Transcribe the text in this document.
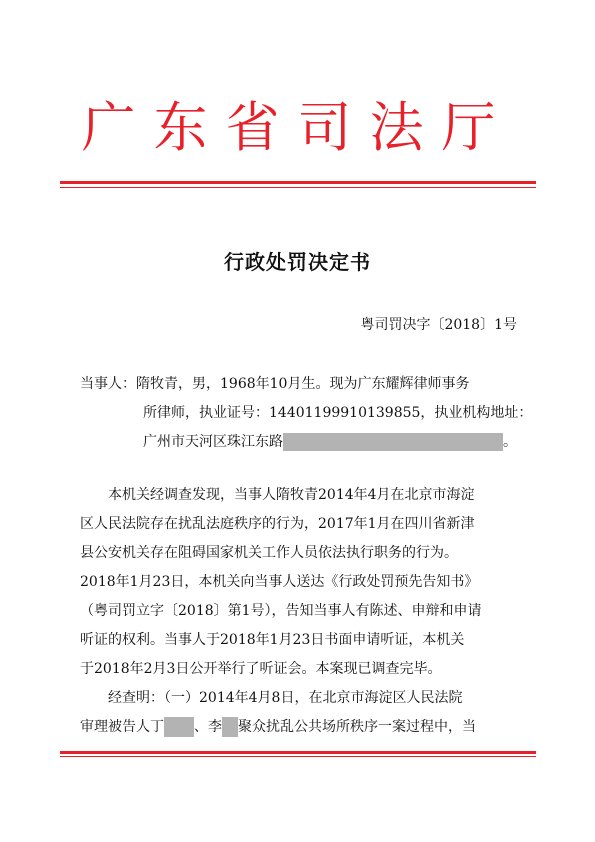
广东省司法厅
行政处罚决定书
粤司罚决字〔2018〕1号
当事人：隋牧青，男，1968年10月生。现为广东耀辉律师事务
所律师，执业证号：14401199910139855，执业机构地址：
广州市天河区珠江东路	。
本机关经调查发现，当事人隋牧青2014年4月在北京市海淀
区人民法院存在扰乱法庭秩序的行为，2017年1月在四川省新津
县公安机关存在阻碍国家机关工作人员依法执行职务的行为。
2018年1月23日，本机关向当事人送达《行政处罚预先告知书》
（粤司罚立字〔2018〕第1号），告知当事人有陈述、申辩和申请
听证的权利。当事人于2018年1月23日书面申请听证，本机关
于2018年2月3日公开举行了听证会。本案现已调查完毕。
经查明：（一）2014年4月8日，在北京市海淀区人民法院
审理被告人丁 、李 聚众扰乱公共场所秩序一案过程中，当
